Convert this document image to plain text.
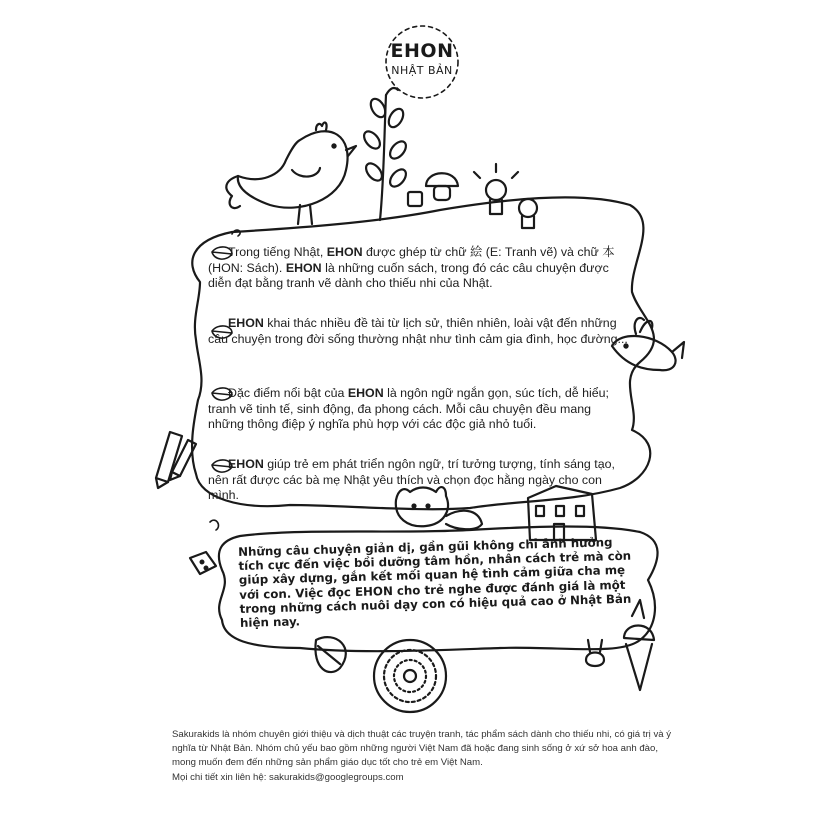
EHON
NHẬT BẢN
Trong tiếng Nhật, EHON được ghép từ chữ 絵 (E: Tranh vẽ) và chữ 本 (HON: Sách). EHON là những cuốn sách, trong đó các câu chuyện được diễn đạt bằng tranh vẽ dành cho thiếu nhi của Nhật.
EHON khai thác nhiều đề tài từ lịch sử, thiên nhiên, loài vật đến những câu chuyện trong đời sống thường nhật như tình cảm gia đình, học đường...
Đặc điểm nổi bật của EHON là ngôn ngữ ngắn gọn, súc tích, dễ hiểu; tranh vẽ tinh tế, sinh động, đa phong cách. Mỗi câu chuyện đều mang những thông điệp ý nghĩa phù hợp với các độc giả nhỏ tuổi.
EHON giúp trẻ em phát triển ngôn ngữ, trí tưởng tượng, tính sáng tạo, nên rất được các bà mẹ Nhật yêu thích và chọn đọc hằng ngày cho con mình.
Những câu chuyện giản dị, gần gũi không chỉ ảnh hưởng tích cực đến việc bồi dưỡng tâm hồn, nhân cách trẻ mà còn giúp xây dựng, gắn kết mối quan hệ tình cảm giữa cha mẹ với con. Việc đọc EHON cho trẻ nghe được đánh giá là một trong những cách nuôi dạy con có hiệu quả cao ở Nhật Bản hiện nay.
Sakurakids là nhóm chuyên giới thiệu và dịch thuật các truyện tranh, tác phẩm sách dành cho thiếu nhi, có giá trị và ý nghĩa từ Nhật Bản. Nhóm chủ yếu bao gồm những người Việt Nam đã hoặc đang sinh sống ở xứ sở hoa anh đào, mong muốn đem đến những sản phẩm giáo dục tốt cho trẻ em Việt Nam.
Mọi chi tiết xin liên hệ: sakurakids@googlegroups.com
